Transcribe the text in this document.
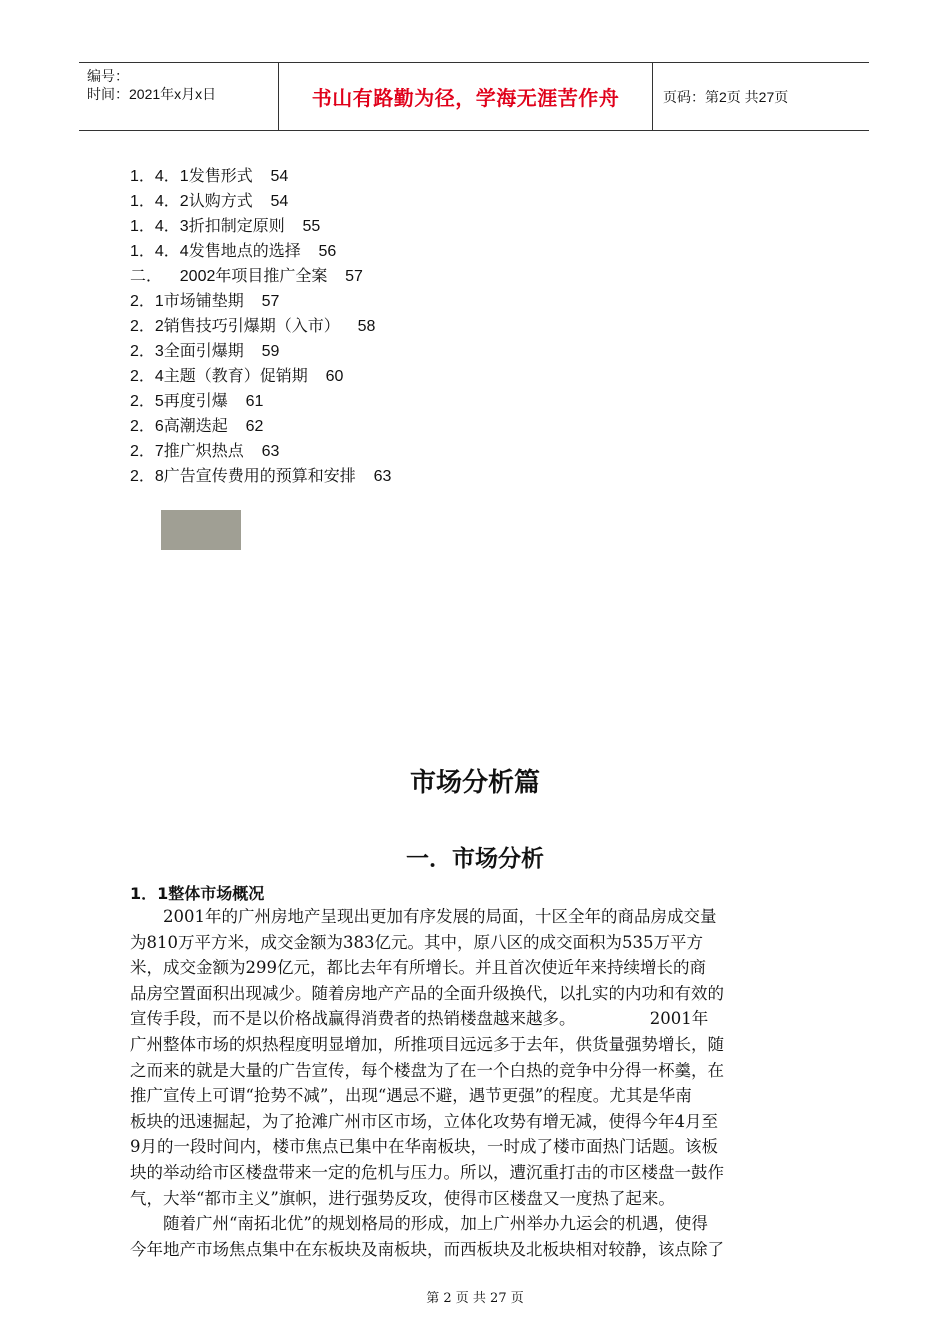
编号：
时间：2021年x月x日	书山有路勤为径，学海无涯苦作舟	页码：第2页 共27页
1．4．1发售形式    54
1．4．2认购方式    54
1．4．3折扣制定原则    55
1．4．4发售地点的选择    56
二．    2002年项目推广全案    57
2．1市场铺垫期    57
2．2销售技巧引爆期（入市）    58
2．3全面引爆期    59
2．4主题（教育）促销期    60
2．5再度引爆    61
2．6高潮迭起    62
2．7推广炽热点    63
2．8广告宣传费用的预算和安排    63
市场分析篇
一．市场分析
1．1整体市场概况
　　2001年的广州房地产呈现出更加有序发展的局面，十区全年的商品房成交量
为810万平方米，成交金额为383亿元。其中，原八区的成交面积为535万平方
米，成交金额为299亿元，都比去年有所增长。并且首次使近年来持续增长的商
品房空置面积出现减少。随着房地产产品的全面升级换代，以扎实的内功和有效的
宣传手段，而不是以价格战赢得消费者的热销楼盘越来越多。　　　　　2001年
广州整体市场的炽热程度明显增加，所推项目远远多于去年，供货量强势增长，随
之而来的就是大量的广告宣传，每个楼盘为了在一个白热的竞争中分得一杯羹，在
推广宣传上可谓“抢势不减”，出现“遇忌不避，遇节更强”的程度。尤其是华南
板块的迅速掘起，为了抢滩广州市区市场，立体化攻势有增无减，使得今年4月至
9月的一段时间内，楼市焦点已集中在华南板块，一时成了楼市面热门话题。该板
块的举动给市区楼盘带来一定的危机与压力。所以，遭沉重打击的市区楼盘一鼓作
气，大举“都市主义”旗帜，进行强势反攻，使得市区楼盘又一度热了起来。
　　随着广州“南拓北优”的规划格局的形成，加上广州举办九运会的机遇，使得
今年地产市场焦点集中在东板块及南板块，而西板块及北板块相对较静，该点除了
第 2 页 共 27 页
